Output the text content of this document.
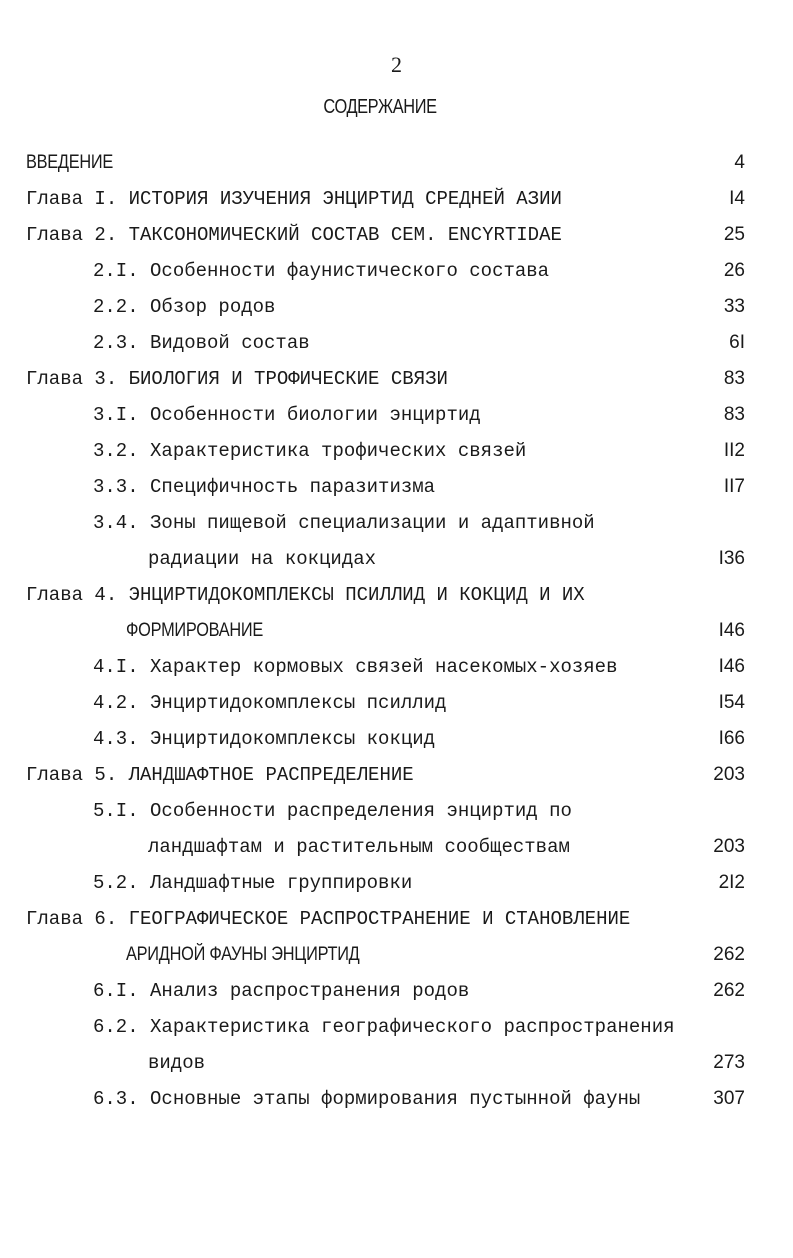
2
СОДЕРЖАНИЕ
ВВЕДЕНИЕ	4
Глава I. ИСТОРИЯ ИЗУЧЕНИЯ ЭНЦИРТИД СРЕДНЕЙ АЗИИ	I4
Глава 2. ТАКСОНОМИЧЕСКИЙ СОСТАВ СЕМ. ENCYRTIDAE	25
2.I. Особенности фаунистического состава	26
2.2. Обзор родов	33
2.3. Видовой состав	6I
Глава 3. БИОЛОГИЯ И ТРОФИЧЕСКИЕ СВЯЗИ	83
3.I. Особенности биологии энциртид	83
3.2. Характеристика трофических связей	II2
3.3. Специфичность паразитизма	II7
3.4. Зоны пищевой специализации и адаптивной
радиации на кокцидах	I36
Глава 4. ЭНЦИРТИДОКОМПЛЕКСЫ ПСИЛЛИД И КОКЦИД И ИХ
ФОРМИРОВАНИЕ	I46
4.I. Характер кормовых связей насекомых-хозяев	I46
4.2. Энциртидокомплексы псиллид	I54
4.3. Энциртидокомплексы кокцид	I66
Глава 5. ЛАНДШАФТНОЕ РАСПРЕДЕЛЕНИЕ	203
5.I. Особенности распределения энциртид по
ландшафтам и растительным сообществам	203
5.2. Ландшафтные группировки	2I2
Глава 6. ГЕОГРАФИЧЕСКОЕ РАСПРОСТРАНЕНИЕ И СТАНОВЛЕНИЕ
АРИДНОЙ ФАУНЫ ЭНЦИРТИД	262
6.I. Анализ распространения родов	262
6.2. Характеристика географического распространения
видов	273
6.3. Основные этапы формирования пустынной фауны	307
